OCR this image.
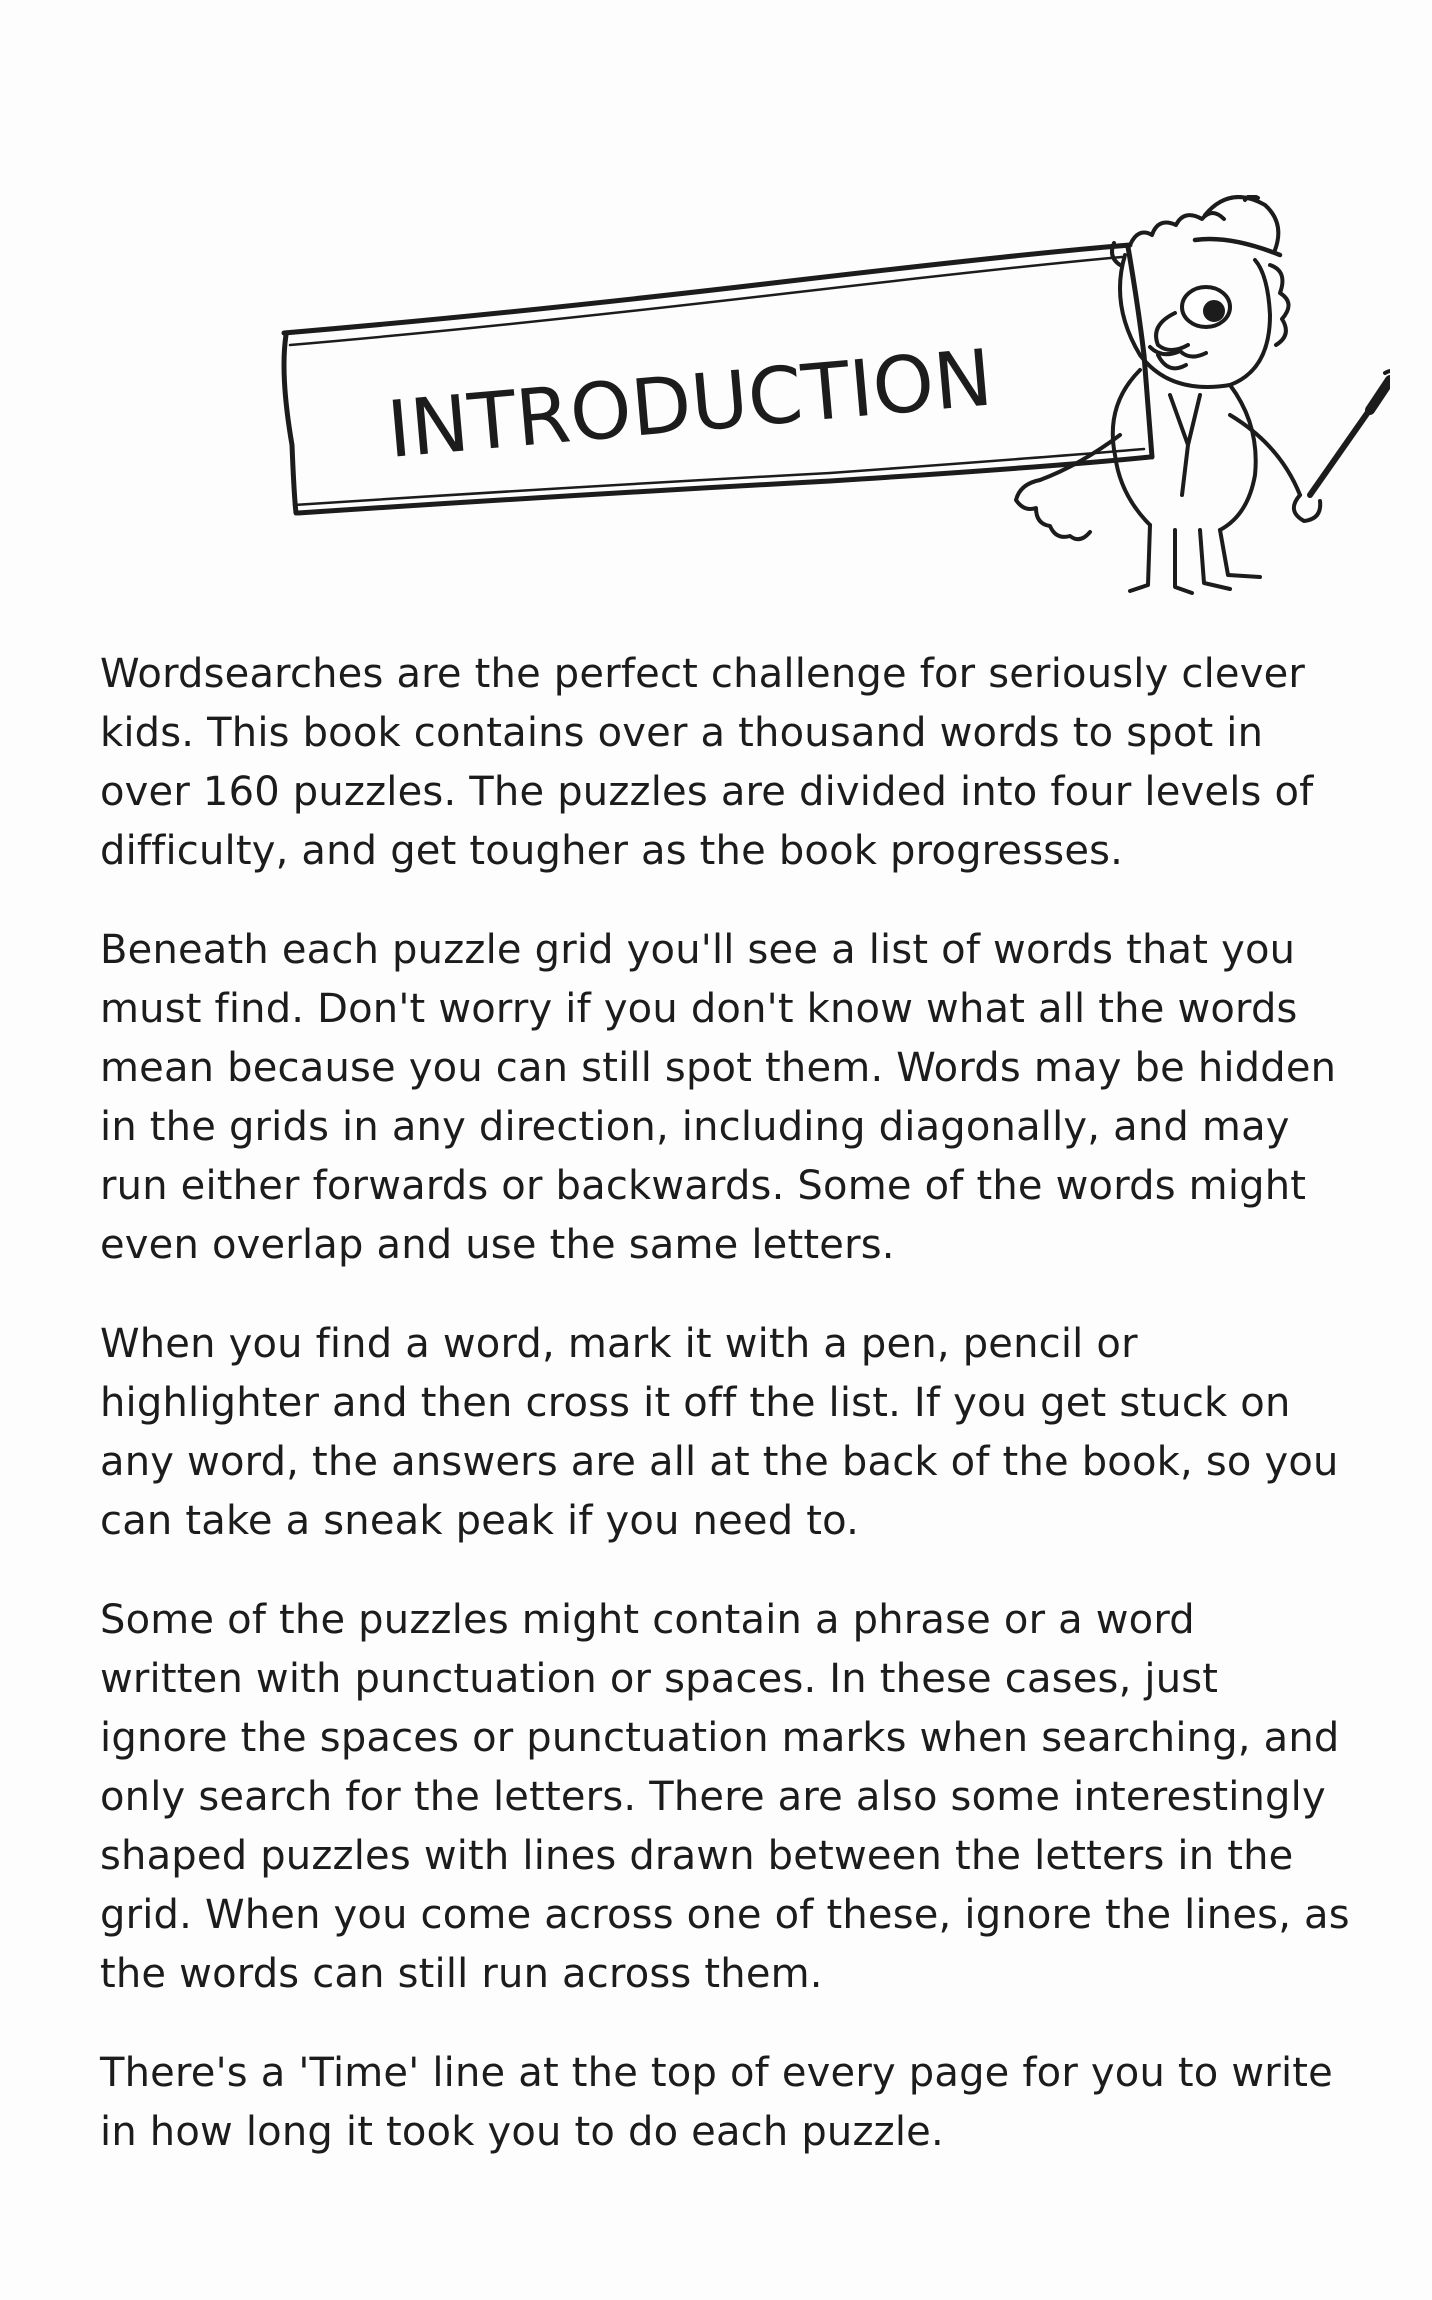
INTRODUCTION

Wordsearches are the perfect challenge for seriously clever kids. This book contains over a thousand words to spot in over 160 puzzles. The puzzles are divided into four levels of difficulty, and get tougher as the book progresses.

Beneath each puzzle grid you'll see a list of words that you must find. Don't worry if you don't know what all the words mean because you can still spot them. Words may be hidden in the grids in any direction, including diagonally, and may run either forwards or backwards. Some of the words might even overlap and use the same letters.

When you find a word, mark it with a pen, pencil or highlighter and then cross it off the list. If you get stuck on any word, the answers are all at the back of the book, so you can take a sneak peak if you need to.

Some of the puzzles might contain a phrase or a word written with punctuation or spaces. In these cases, just ignore the spaces or punctuation marks when searching, and only search for the letters. There are also some interestingly shaped puzzles with lines drawn between the letters in the grid. When you come across one of these, ignore the lines, as the words can still run across them.

There's a 'Time' line at the top of every page for you to write in how long it took you to do each puzzle.
